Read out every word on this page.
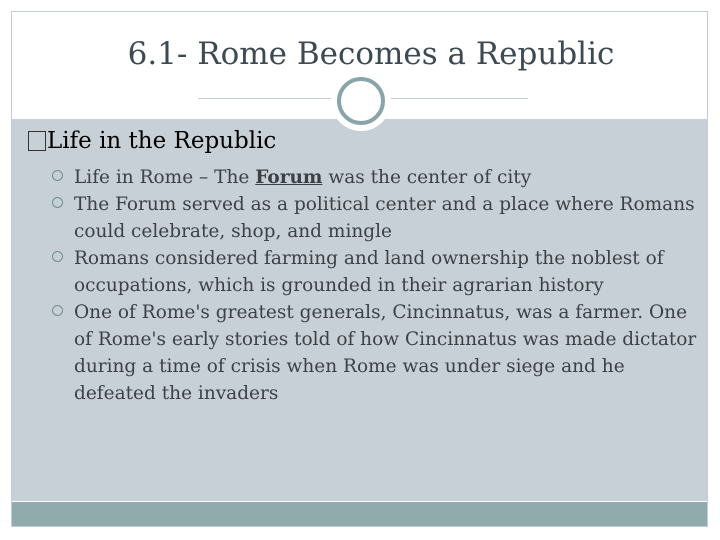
6.1- Rome Becomes a Republic
Life in the Republic
Life in Rome – The Forum was the center of city
The Forum served as a political center and a place where Romans could celebrate, shop, and mingle
Romans considered farming and land ownership the noblest of occupations, which is grounded in their agrarian history
One of Rome's greatest generals, Cincinnatus, was a farmer. One of Rome's early stories told of how Cincinnatus was made dictator during a time of crisis when Rome was under siege and he defeated the invaders
